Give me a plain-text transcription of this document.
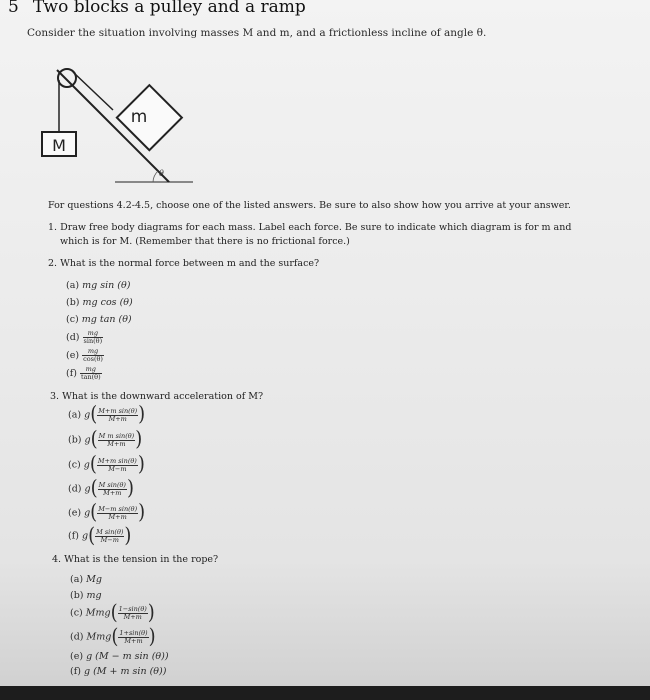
5 Two blocks a pulley and a ramp
Consider the situation involving masses M and m, and a frictionless incline of angle θ.
m
M
θ
For questions 4.2-4.5, choose one of the listed answers. Be sure to also show how you arrive at your answer.
1. Draw free body diagrams for each mass. Label each force. Be sure to indicate which diagram is for m and
which is for M. (Remember that there is no frictional force.)
2. What is the normal force between m and the surface?
(a) mg sin (θ)
(b) mg cos (θ)
(c) mg tan (θ)
$(d) \frac{mg}{\sin(\theta)}$
$(e) \frac{mg}{\cos(\theta)}$
$(f) \frac{mg}{\tan(\theta)}$
3. What is the downward acceleration of M?
(a) $g( \frac{\text{M+m sin(θ)}}{M+m}$ )
(b) $g( \frac{\text{M m sin(θ)}}{M+m}$ )
(c) $g( \frac{\text{M+m sin(θ)}}{M-m}$ )
(d) $g( \frac{\text{M sin(θ)}}{M+m}$ )
(e) $g( \frac{\text{M−m sin(θ)}}{M+m}$ )
(f) $g( \frac{\text{M sin(θ)}}{M-m}$ )
4. What is the tension in the rope?
(a) Mg
(b) mg
(c) $Mmg( \frac{1-\sin(\theta)}{M+m}$ )
(d) $Mmg( \frac{1+\sin(\theta)}{M+m}$ )
(e) g (M − m sin (θ))
(f) g (M + m sin (θ))
